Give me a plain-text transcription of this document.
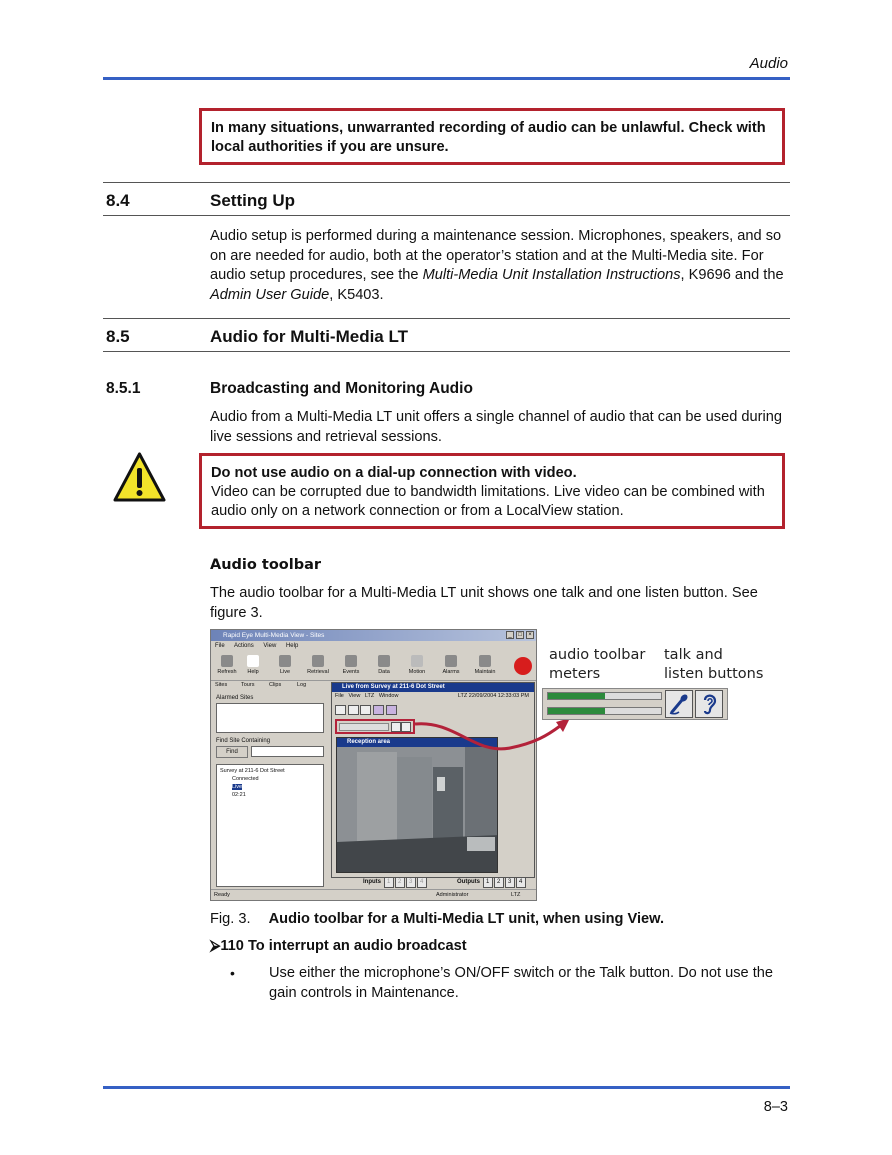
Audio
In many situations, unwarranted recording of audio can be unlawful. Check with local authorities if you are unsure.
8.4	Setting Up
Audio setup is performed during a maintenance session. Microphones, speakers, and so on are needed for audio, both at the operator’s station and at the Multi-Media site. For audio setup procedures, see the Multi-Media Unit Installation Instructions, K9696 and the Admin User Guide, K5403.
8.5	Audio for Multi-Media LT
8.5.1	Broadcasting and Monitoring Audio
Audio from a Multi-Media LT unit offers a single channel of audio that can be used during live sessions and retrieval sessions.
Do not use audio on a dial-up connection with video.
Video can be corrupted due to bandwidth limitations. Live video can be combined with audio only on a network connection or from a LocalView station.
Audio toolbar
The audio toolbar for a Multi-Media LT unit shows one talk and one listen button. See figure 3.
Rapid Eye Multi-Media View - Sites	_	□	×
File Actions View Help
Refresh	Help	Live	Retrieval	Events	Data	Motion	Alarms	Maintain
Sites	Tours	Clips	Log
Alarmed Sites
Find Site Containing
Find
Survey at 211-6 Dot Street
Connected
Live
02:21
Live from Survey at 211-6 Dot Street
File View LTZ Window	LTZ 22/09/2004 12:33:03 PM

Reception area
Inputs 1 2 3 4	Outputs 1 2 3 4
Ready	Administrator	LTZ
audio toolbar meters
talk and listen buttons
Fig. 3. Audio toolbar for a Multi-Media LT unit, when using View.
⮚110 To interrupt an audio broadcast
• Use either the microphone’s ON/OFF switch or the Talk button. Do not use the gain controls in Maintenance.
8–3
